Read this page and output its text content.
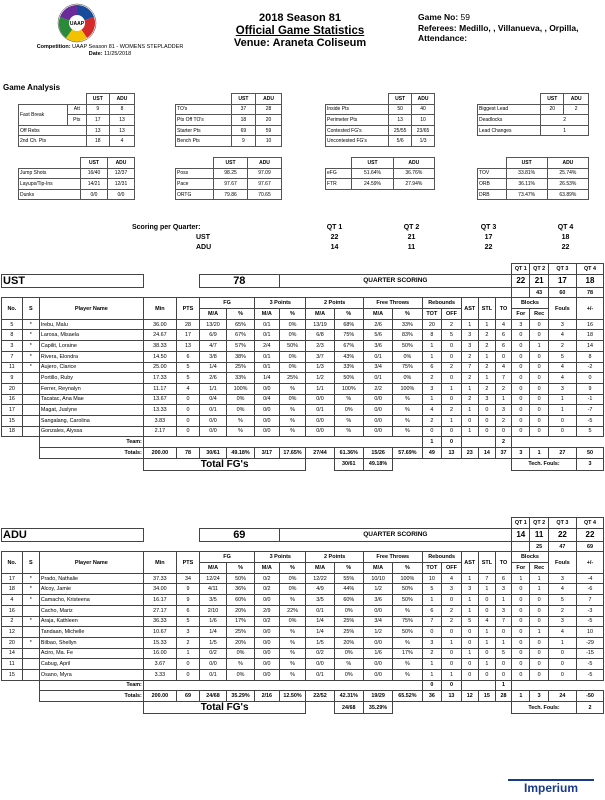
UAAP
Competition: UAAP Season 81 - WOMENS STEPLADDER
Date: 11/25/2018
2018 Season 81
Official Game Statistics
Venue: Araneta Coliseum
Game No: 59
Referees:
Medillo, , Villanueva, , Orpilla,
Attendance:
Game Analysis
		UST	ADU
Fast Break	Att	9	8
	Pts	17	13
Off Rebs		13	13
2nd Ch. Pts		18	4
	UST	ADU
TO's	37	28
Pts Off TO's	18	20
Starter Pts	69	59
Bench Pts	9	10
	UST	ADU
Inside Pts	50	40
Perimeter Pts	13	10
Contested FG's	25/55	23/65
Uncontested FG's	5/6	1/3
	UST	ADU
Biggest Lead	20	2
Deadlocks	2	
Lead Changes	1	
	UST	ADU
Jump Shots	16/40	12/37
Layups/Tip-Ins	14/21	12/31
Dunks	0/0	0/0
	UST	ADU
Poss	98.25	97.09
Pace	97.67	97.67
ORTG	79.86	70.65
	UST	ADU
eFG	51.64%	36.76%
FTR	24.59%	27.94%
	UST	ADU
TOV	33.81%	25.74%
ORB	36.11%	26.53%
DRB	73.47%	63.89%
Scoring per Quarter:	QT 1	QT 2	QT 3	QT 4
UST	22	21	17	18
ADU	14	11	22	22
																		QT 1	QT 2	QT 3	QT 4
UST					78			QUARTER SCORING										22	21	17	18
																			43	60	78
No.	S	Player Name	Min	PTS	FG		3 Points		2 Points		Free Throws		Rebounds		AST	STL	TO	Blocks		Fouls	+/-
					M/A	%	M/A	%	M/A	%	M/A	%	TOT	OFF				For	Rec		
5	*	Irebu, Malu	36.00	28	13/20	65%	0/1	0%	13/19	68%	2/6	33%	20	2	1	1	4	3	0	3	16
8	*	Larosa, Misaela	24.67	17	6/9	67%	0/1	0%	6/8	75%	5/6	83%	8	5	3	2	6	0	0	4	18
3	*	Capilit, Loraine	38.33	13	4/7	57%	2/4	50%	2/3	67%	3/6	50%	1	0	3	2	6	0	1	2	14
7	*	Rivera, Elondra	14.50	6	3/8	38%	0/1	0%	3/7	43%	0/1	0%	1	0	2	1	0	0	0	5	8
11	*	Aujero, Clarice	25.00	5	1/4	25%	0/1	0%	1/3	33%	3/4	75%	6	2	7	2	4	0	0	4	-2
9		Portillo, Ruby	17.33	5	2/6	33%	1/4	25%	1/2	50%	0/1	0%	2	0	2	1	7	0	0	4	0
20		Ferrer, Reynalyn	11.17	4	1/1	100%	0/0	%	1/1	100%	2/2	100%	3	1	1	2	2	0	0	3	9
16		Tacatac, Ana Mae	13.67	0	0/4	0%	0/4	0%	0/0	%	0/0	%	1	0	2	3	1	0	0	1	-1
17		Magat, Juslyne	13.33	0	0/1	0%	0/0	%	0/1	0%	0/0	%	4	2	1	0	3	0	0	1	-7
15		Sangalang, Carolina	3.83	0	0/0	%	0/0	%	0/0	%	0/0	%	2	1	0	0	2	0	0	0	-5
18		Gonzales, Alyssa	2.17	0	0/0	%	0/0	%	0/0	%	0/0	%	0	0	1	0	0	0	0	0	5
		Team:											1	0			2				
		Totals:	200.00	78	30/61	49.18%	3/17	17.65%	27/44	61.36%	15/26	57.69%	49	13	23	14	37	3	1	27	50
			Total FG's							30/61	49.18%							Tech. Fouls:			3
																		QT 1	QT 2	QT 3	QT 4
ADU					69			QUARTER SCORING										14	11	22	22
																			25	47	69
No.	S	Player Name	Min	PTS	FG		3 Points		2 Points		Free Throws		Rebounds		AST	STL	TO	Blocks		Fouls	+/-
					M/A	%	M/A	%	M/A	%	M/A	%	TOT	OFF				For	Rec		
17	*	Prado, Nathalie	37.33	34	12/24	50%	0/2	0%	12/22	55%	10/10	100%	10	4	1	7	6	1	1	3	-4
18	*	Alcoy, Jamie	34.00	9	4/11	36%	0/2	0%	4/9	44%	1/2	50%	5	3	3	1	3	0	1	4	-6
4	*	Camacho, Kristeena	16.17	9	3/5	60%	0/0	%	3/5	60%	3/6	50%	1	0	1	0	1	0	0	5	7
16		Cacho, Mariz	27.17	6	2/10	20%	2/9	22%	0/1	0%	0/0	%	6	2	1	0	3	0	0	2	-3
2	*	Araja, Kathleen	36.33	5	1/6	17%	0/2	0%	1/4	25%	3/4	75%	7	2	5	4	7	0	0	3	-5
12		Tandaan, Michelle	10.67	3	1/4	25%	0/0	%	1/4	25%	1/2	50%	0	0	0	1	0	0	1	4	10
20	*	Bilbao, Shellyn	15.33	2	1/5	20%	0/0	%	1/5	20%	0/0	%	3	1	0	1	1	0	0	1	-29
14		Aciro, Ma. Fe	16.00	1	0/2	0%	0/0	%	0/2	0%	1/6	17%	2	0	1	0	5	0	0	0	-15
11		Cabug, April	3.67	0	0/0	%	0/0	%	0/0	%	0/0	%	1	0	0	1	0	0	0	0	-5
15		Osano, Myra	3.33	0	0/1	0%	0/0	%	0/1	0%	0/0	%	1	1	0	0	0	0	0	0	-5
		Team:											0	0			1				
		Totals:	200.00	69	24/68	35.29%	2/16	12.50%	22/52	42.31%	19/29	65.52%	36	13	12	15	28	1	3	24	-50
			Total FG's							24/68	35.29%							Tech. Fouls:			2
Imperium
